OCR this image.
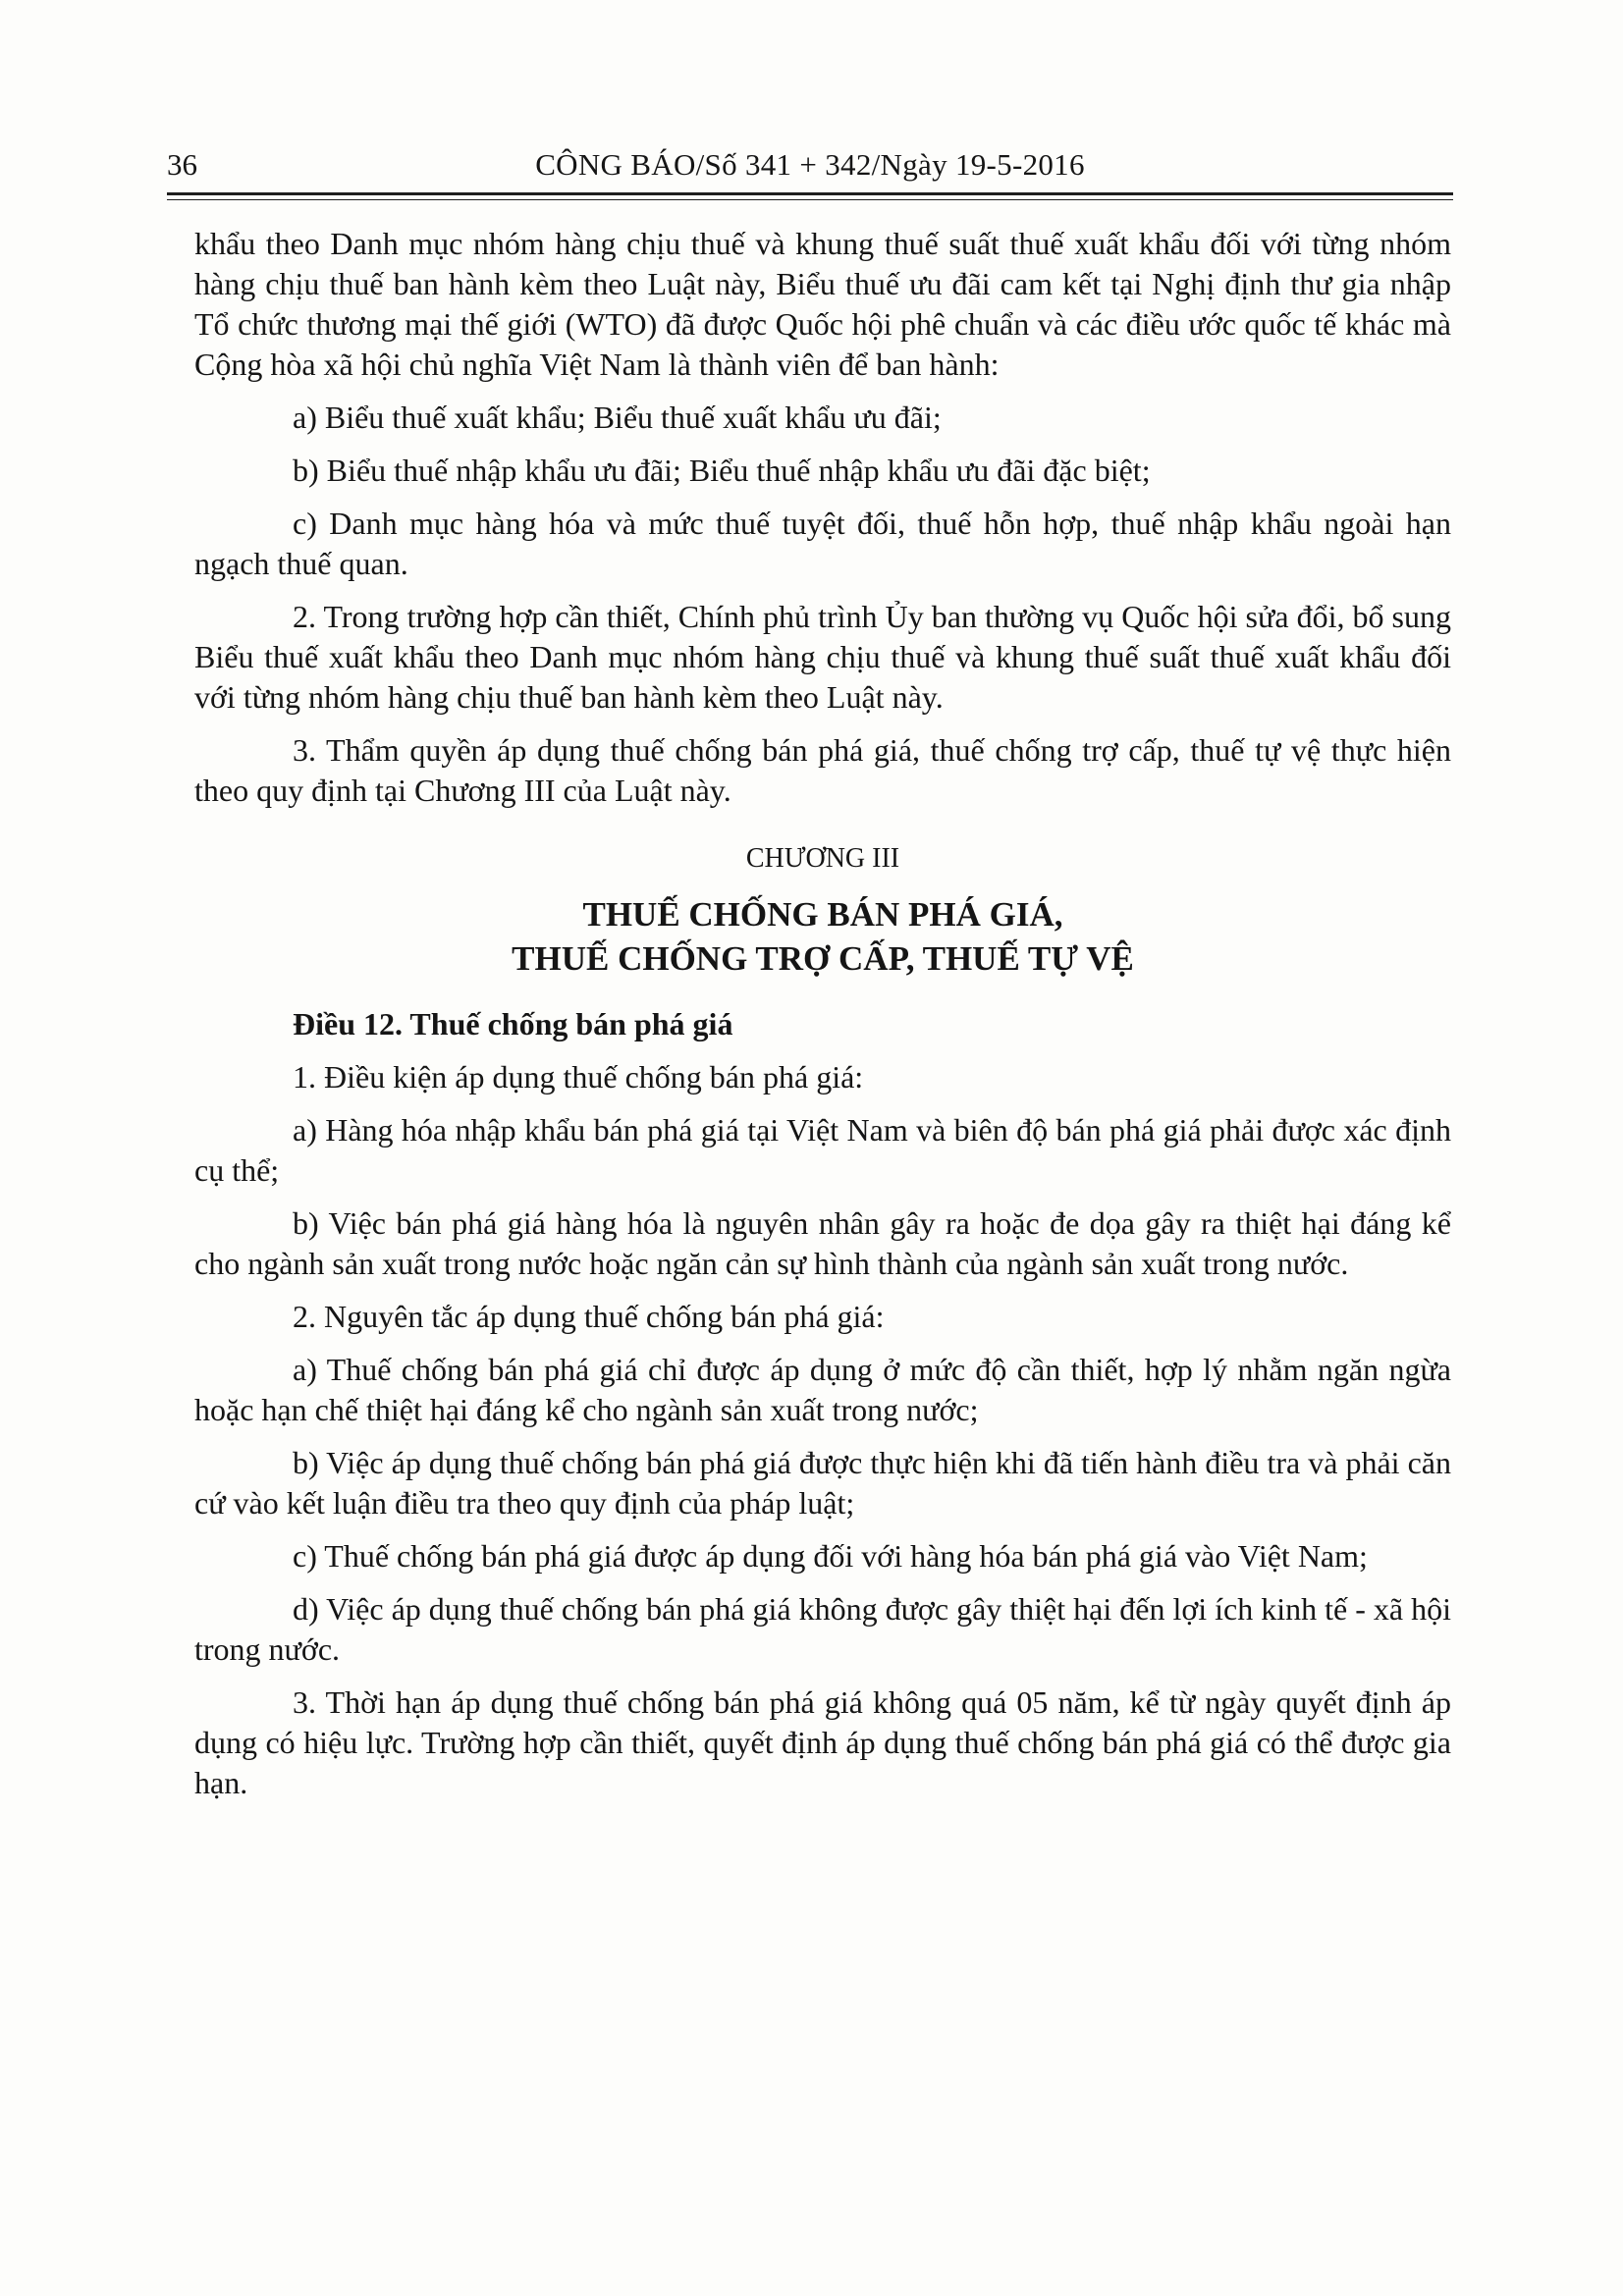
36	CÔNG BÁO/Số 341 + 342/Ngày 19-5-2016

khẩu theo Danh mục nhóm hàng chịu thuế và khung thuế suất thuế xuất khẩu đối với từng nhóm hàng chịu thuế ban hành kèm theo Luật này, Biểu thuế ưu đãi cam kết tại Nghị định thư gia nhập Tổ chức thương mại thế giới (WTO) đã được Quốc hội phê chuẩn và các điều ước quốc tế khác mà Cộng hòa xã hội chủ nghĩa Việt Nam là thành viên để ban hành:

a) Biểu thuế xuất khẩu; Biểu thuế xuất khẩu ưu đãi;

b) Biểu thuế nhập khẩu ưu đãi; Biểu thuế nhập khẩu ưu đãi đặc biệt;

c) Danh mục hàng hóa và mức thuế tuyệt đối, thuế hỗn hợp, thuế nhập khẩu ngoài hạn ngạch thuế quan.

2. Trong trường hợp cần thiết, Chính phủ trình Ủy ban thường vụ Quốc hội sửa đổi, bổ sung Biểu thuế xuất khẩu theo Danh mục nhóm hàng chịu thuế và khung thuế suất thuế xuất khẩu đối với từng nhóm hàng chịu thuế ban hành kèm theo Luật này.

3. Thẩm quyền áp dụng thuế chống bán phá giá, thuế chống trợ cấp, thuế tự vệ thực hiện theo quy định tại Chương III của Luật này.

CHƯƠNG III

THUẾ CHỐNG BÁN PHÁ GIÁ,
THUẾ CHỐNG TRỢ CẤP, THUẾ TỰ VỆ

Điều 12. Thuế chống bán phá giá

1. Điều kiện áp dụng thuế chống bán phá giá:

a) Hàng hóa nhập khẩu bán phá giá tại Việt Nam và biên độ bán phá giá phải được xác định cụ thể;

b) Việc bán phá giá hàng hóa là nguyên nhân gây ra hoặc đe dọa gây ra thiệt hại đáng kể cho ngành sản xuất trong nước hoặc ngăn cản sự hình thành của ngành sản xuất trong nước.

2. Nguyên tắc áp dụng thuế chống bán phá giá:

a) Thuế chống bán phá giá chỉ được áp dụng ở mức độ cần thiết, hợp lý nhằm ngăn ngừa hoặc hạn chế thiệt hại đáng kể cho ngành sản xuất trong nước;

b) Việc áp dụng thuế chống bán phá giá được thực hiện khi đã tiến hành điều tra và phải căn cứ vào kết luận điều tra theo quy định của pháp luật;

c) Thuế chống bán phá giá được áp dụng đối với hàng hóa bán phá giá vào Việt Nam;

d) Việc áp dụng thuế chống bán phá giá không được gây thiệt hại đến lợi ích kinh tế - xã hội trong nước.

3. Thời hạn áp dụng thuế chống bán phá giá không quá 05 năm, kể từ ngày quyết định áp dụng có hiệu lực. Trường hợp cần thiết, quyết định áp dụng thuế chống bán phá giá có thể được gia hạn.
